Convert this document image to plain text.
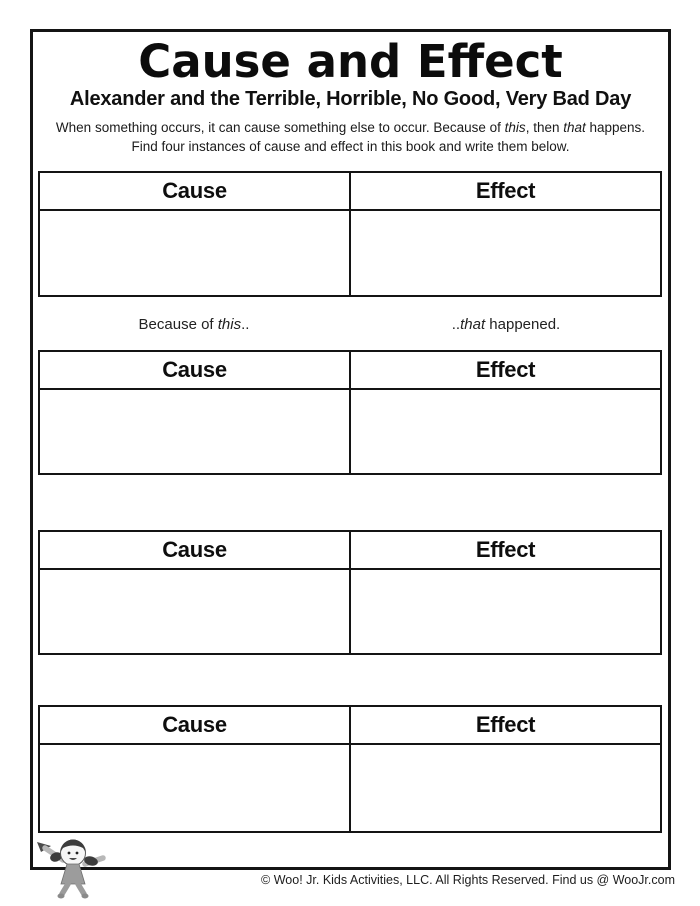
Cause and Effect
Alexander and the Terrible, Horrible, No Good, Very Bad Day
When something occurs, it can cause something else to occur. Because of this, then that happens. Find four instances of cause and effect in this book and write them below.
Cause	Effect
Because of this..	..that happened.
Cause	Effect
Cause	Effect
Cause	Effect
© Woo! Jr. Kids Activities, LLC. All Rights Reserved. Find us @ WooJr.com
